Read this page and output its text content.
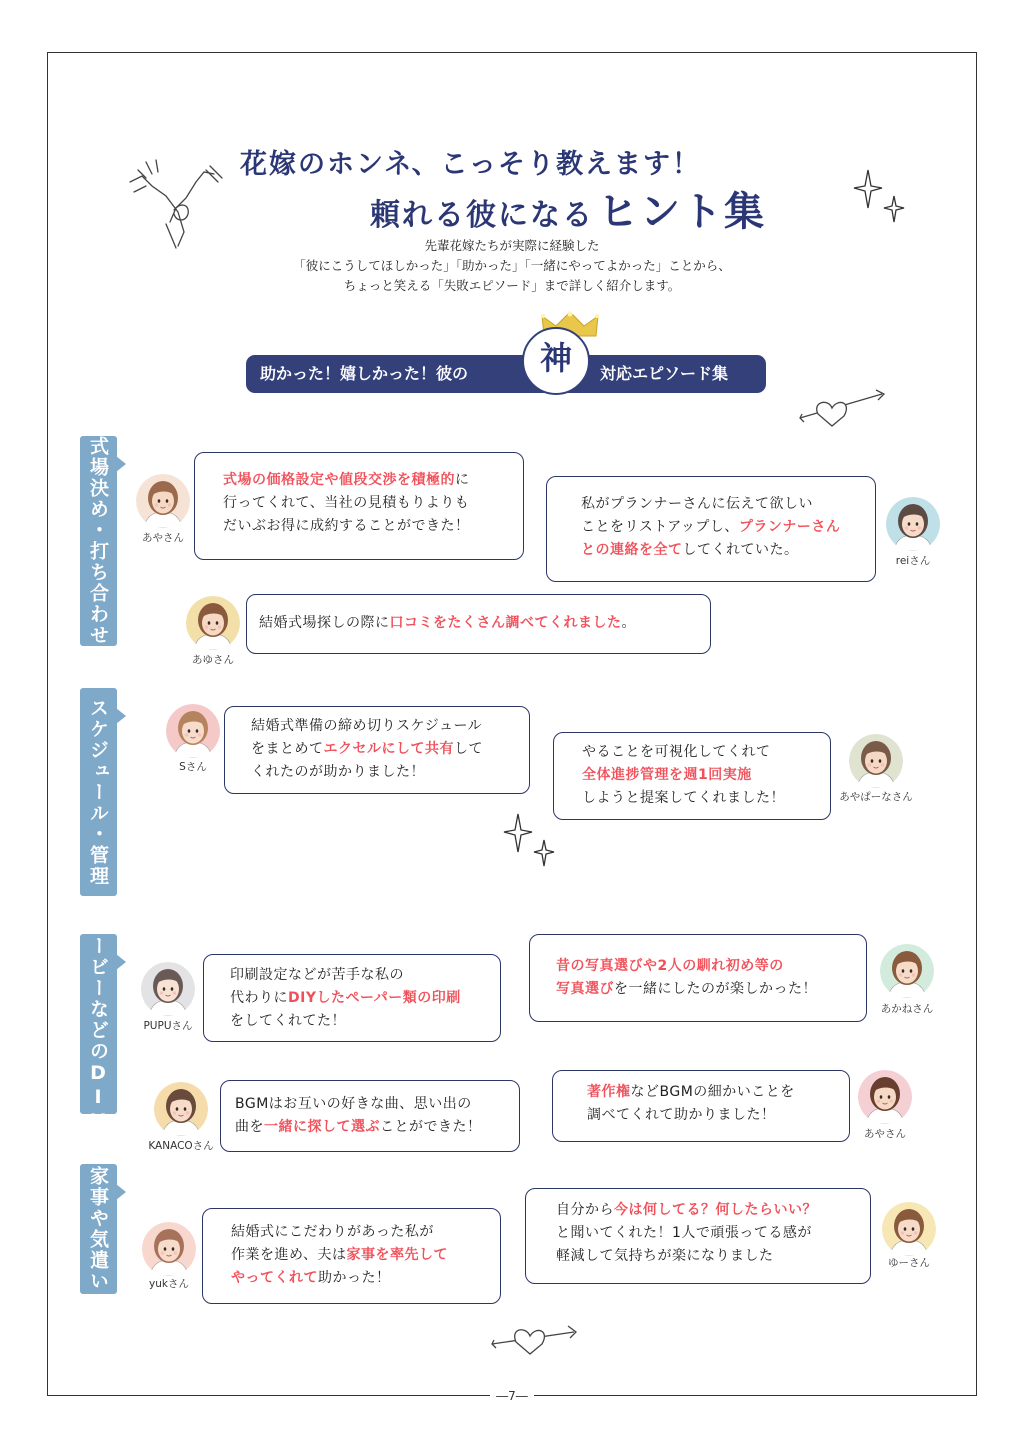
―7―
花嫁のホンネ、こっそり教えます！
頼れる彼になる ヒント集
先輩花嫁たちが実際に経験した
「彼にこうしてほしかった」「助かった」「一緒にやってよかった」ことから、
ちょっと笑える「失敗エピソード」まで詳しく紹介します。
助かった！嬉しかった！彼の	対応エピソード集
神
式場決め・打ち合わせ
スケジュール・管理
ムービーなどのDIY
家事や気遣い
あやさん
式場の価格設定や値段交渉を積極的に
行ってくれて、当社の見積もりよりも
だいぶお得に成約することができた！
私がプランナーさんに伝えて欲しい
ことをリストアップし、プランナーさん
との連絡を全てしてくれていた。
reiさん
あゆさん
結婚式場探しの際に口コミをたくさん調べてくれました。
Sさん
結婚式準備の締め切りスケジュール
をまとめてエクセルにして共有して
くれたのが助かりました！
やることを可視化してくれて
全体進捗管理を週1回実施
しようと提案してくれました！	あやぱーなさん
PUPUさん
印刷設定などが苦手な私の
代わりにDIYしたペーパー類の印刷
をしてくれてた！
昔の写真選びや2人の馴れ初め等の
写真選びを一緒にしたのが楽しかった！
あかねさん
KANACOさん
BGMはお互いの好きな曲、思い出の
曲を一緒に探して選ぶことができた！
著作権などBGMの細かいことを
調べてくれて助かりました！
あやさん
yukさん
結婚式にこだわりがあった私が
作業を進め、夫は家事を率先して
やってくれて助かった！
自分から今は何してる？何したらいい？
と聞いてくれた！1人で頑張ってる感が
軽減して気持ちが楽になりました	ゆーさん
